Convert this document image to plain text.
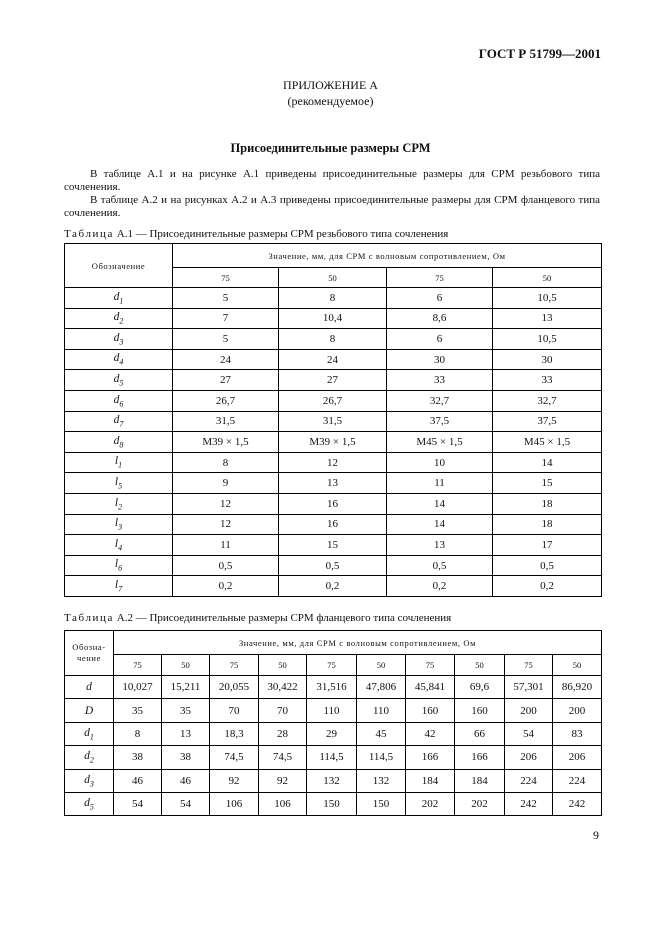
ГОСТ Р 51799—2001
ПРИЛОЖЕНИЕ А
(рекомендуемое)
Присоединительные размеры СРМ
В таблице А.1 и на рисунке А.1 приведены присоединительные размеры для СРМ резьбового типа сочленения.
В таблице А.2 и на рисунках А.2 и А.3 приведены присоединительные размеры для СРМ фланцевого типа сочленения.
Таблица А.1 — Присоединительные размеры СРМ резьбового типа сочленения
Обозначение	Значение, мм, для СРМ с волновым сопротивлением, Ом			
	75	50	75	50
$d_1$	5	8	6	10,5
$d_2$	7	10,4	8,6	13
$d_3$	5	8	6	10,5
$d_4$	24	24	30	30
$d_5$	27	27	33	33
$d_6$	26,7	26,7	32,7	32,7
$d_7$	31,5	31,5	37,5	37,5
$d_8$	M39 × 1,5	M39 × 1,5	M45 × 1,5	M45 × 1,5
$l_1$	8	12	10	14
$l_5$	9	13	11	15
$l_2$	12	16	14	18
$l_3$	12	16	14	18
$l_4$	11	15	13	17
$l_6$	0,5	0,5	0,5	0,5
$l_7$	0,2	0,2	0,2	0,2
Таблица А.2 — Присоединительные размеры СРМ фланцевого типа сочленения
Обозна-
чение	Значение, мм, для СРМ с волновым сопротивлением, Ом									
	75	50	75	50	75	50	75	50	75	50
d	10,027	15,211	20,055	30,422	31,516	47,806	45,841	69,6	57,301	86,920
D	35	35	70	70	110	110	160	160	200	200
$d_1$	8	13	18,3	28	29	45	42	66	54	83
$d_2$	38	38	74,5	74,5	114,5	114,5	166	166	206	206
$d_3$	46	46	92	92	132	132	184	184	224	224
$d_5$	54	54	106	106	150	150	202	202	242	242
9
